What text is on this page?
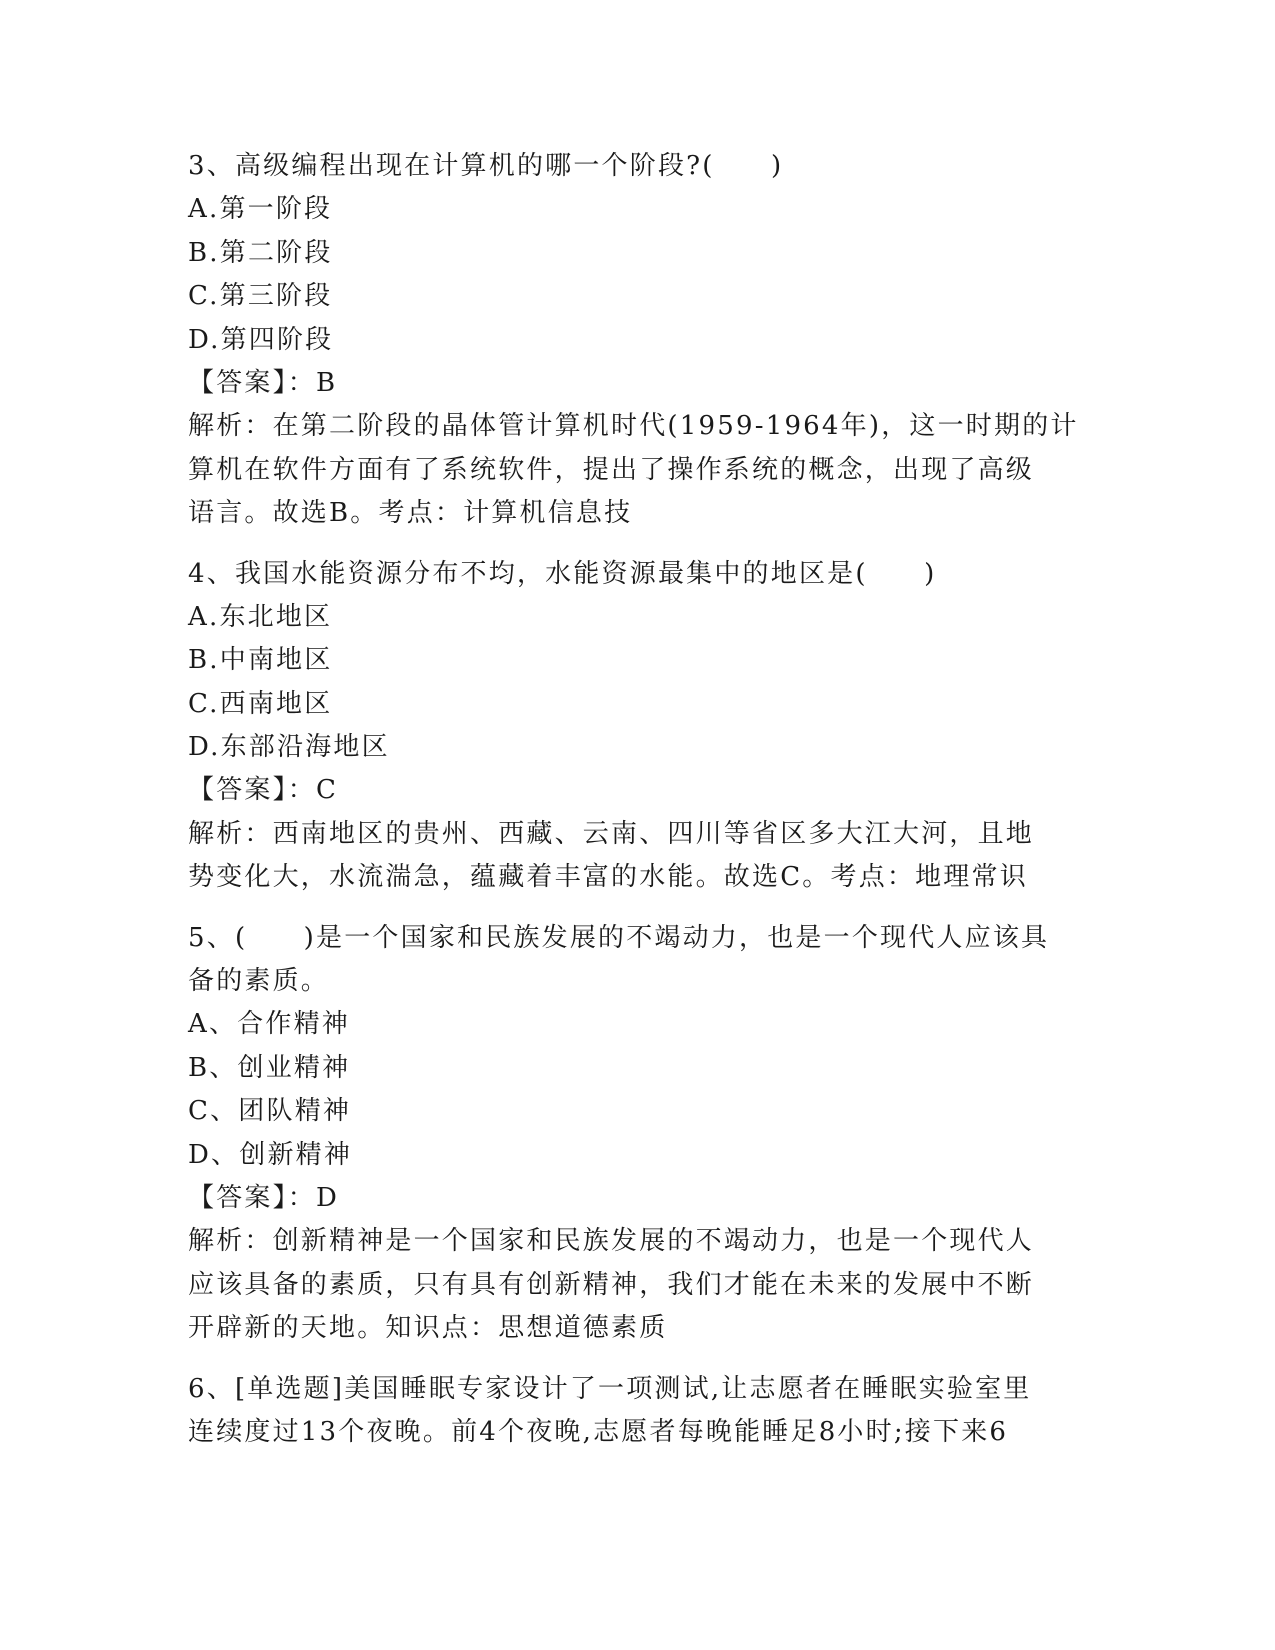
3、高级编程出现在计算机的哪一个阶段?(　　)
A.第一阶段
B.第二阶段
C.第三阶段
D.第四阶段
【答案】：B
解析：在第二阶段的晶体管计算机时代(1959-1964年)，这一时期的计
算机在软件方面有了系统软件，提出了操作系统的概念，出现了高级
语言。故选B。考点：计算机信息技
4、我国水能资源分布不均，水能资源最集中的地区是(　　)
A.东北地区
B.中南地区
C.西南地区
D.东部沿海地区
【答案】：C
解析：西南地区的贵州、西藏、云南、四川等省区多大江大河，且地
势变化大，水流湍急，蕴藏着丰富的水能。故选C。考点：地理常识
5、(　　)是一个国家和民族发展的不竭动力，也是一个现代人应该具
备的素质。
A、合作精神
B、创业精神
C、团队精神
D、创新精神
【答案】：D
解析：创新精神是一个国家和民族发展的不竭动力，也是一个现代人
应该具备的素质，只有具有创新精神，我们才能在未来的发展中不断
开辟新的天地。知识点：思想道德素质
6、[单选题]美国睡眠专家设计了一项测试,让志愿者在睡眠实验室里
连续度过13个夜晚。前4个夜晚,志愿者每晚能睡足8小时;接下来6
